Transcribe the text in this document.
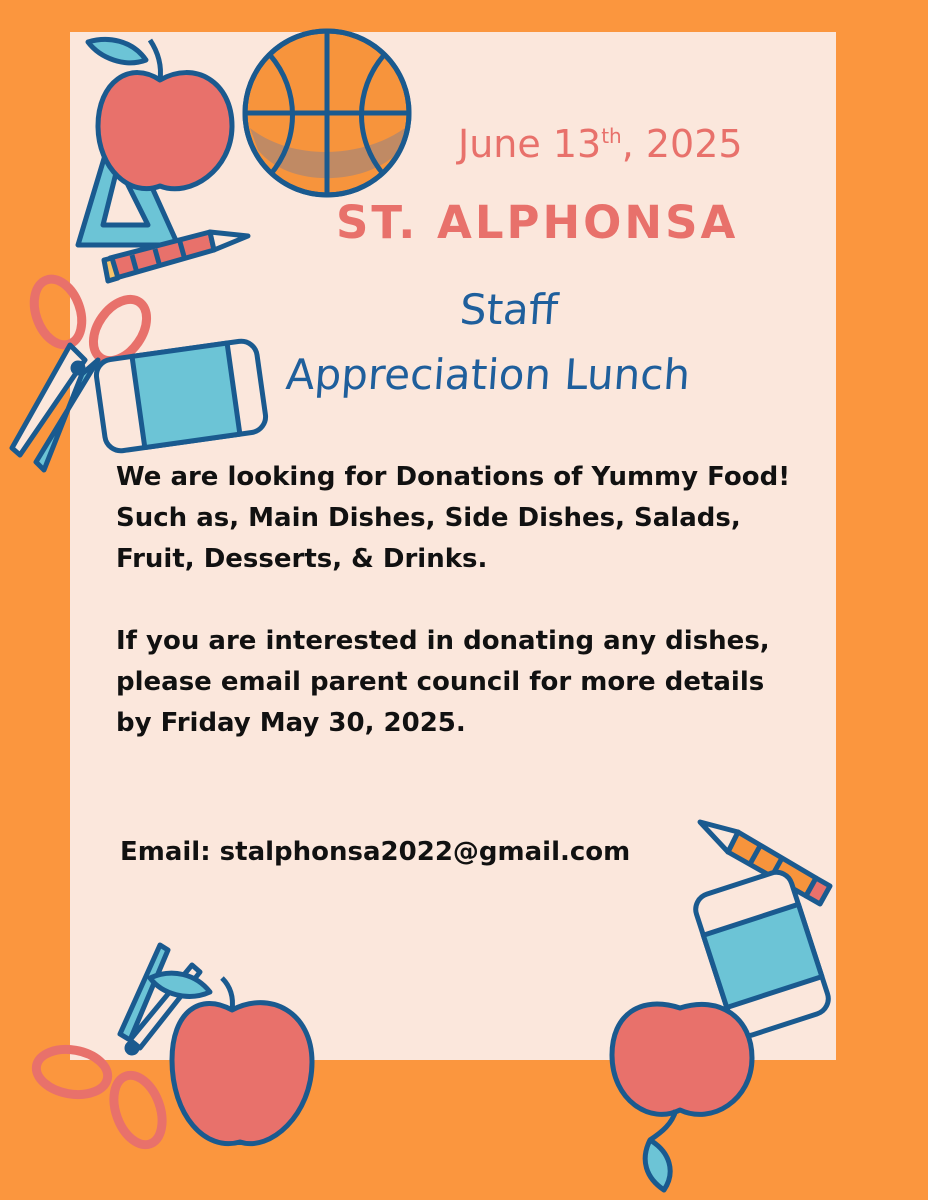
June 13th, 2025
ST. ALPHONSA
Staff
Appreciation Lunch
We are looking for Donations of Yummy Food! Such as, Main Dishes, Side Dishes, Salads, Fruit, Desserts, & Drinks.
If you are interested in donating any dishes, please email parent council for more details by Friday May 30, 2025.
Email: stalphonsa2022@gmail.com
